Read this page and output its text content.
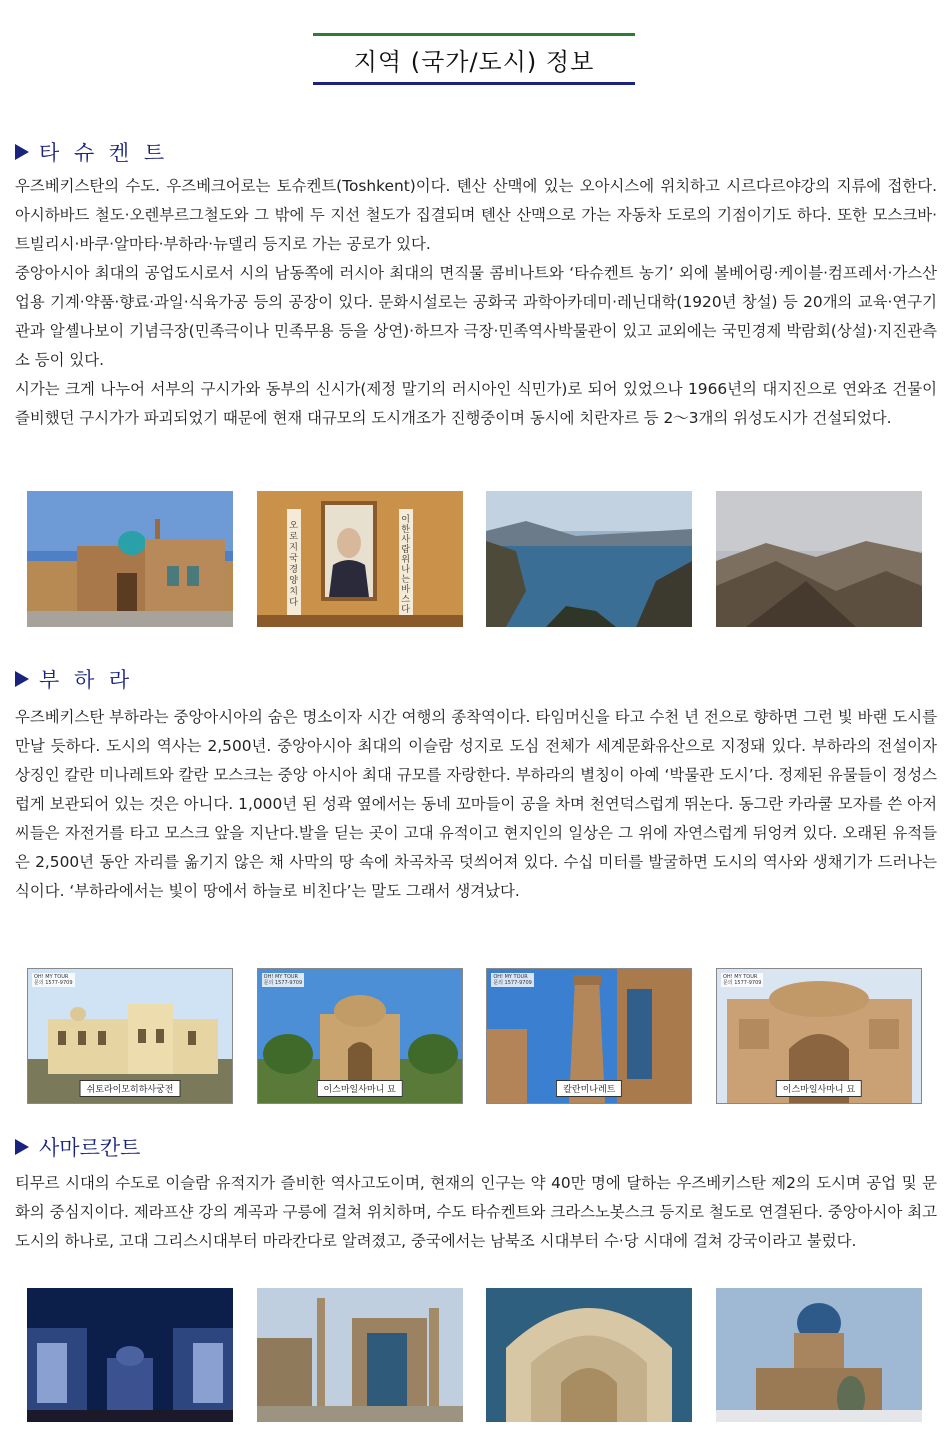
지역 (국가/도시) 정보
타 슈 켄 트

우즈베키스탄의 수도. 우즈베크어로는 토슈켄트(Toshkent)이다. 톈산 산맥에 있는 오아시스에 위치하고 시르다르야강의 지류에 접한다. 아시하바드 철도·오렌부르그철도와 그 밖에 두 지선 철도가 집결되며 톈산 산맥으로 가는 자동차 도로의 기점이기도 하다. 또한 모스크바·트빌리시·바쿠·알마타·부하라·뉴델리 등지로 가는 공로가 있다.

중앙아시아 최대의 공업도시로서 시의 남동쪽에 러시아 최대의 면직물 콤비나트와 ‘타슈켄트 농기’ 외에 볼베어링·케이블·컴프레서·가스산업용 기계·약품·향료·과일·식육가공 등의 공장이 있다. 문화시설로는 공화국 과학아카데미·레닌대학(1920년 창설) 등 20개의 교육·연구기관과 알셸나보이 기념극장(민족극이나 민족무용 등을 상연)·하므자 극장·민족역사박물관이 있고 교외에는 국민경제 박람회(상설)·지진관측소 등이 있다.

시가는 크게 나누어 서부의 구시가와 동부의 신시가(제정 말기의 러시아인 식민가)로 되어 있었으나 1966년의 대지진으로 연와조 건물이 즐비했던 구시가가 파괴되었기 때문에 현재 대규모의 도시개조가 진행중이며 동시에 치란자르 등 2～3개의 위성도시가 건설되었다.

오로지 국경 양치다
이 한 사람 위 나는 바스다
부 하 라

우즈베키스탄 부하라는 중앙아시아의 숨은 명소이자 시간 여행의 종착역이다. 타임머신을 타고 수천 년 전으로 향하면 그런 빛 바랜 도시를 만날 듯하다. 도시의 역사는 2,500년. 중앙아시아 최대의 이슬람 성지로 도심 전체가 세계문화유산으로 지정돼 있다. 부하라의 전설이자 상징인 칼란 미나레트와 칼란 모스크는 중앙 아시아 최대 규모를 자랑한다. 부하라의 별칭이 아예 ‘박물관 도시’다. 정제된 유물들이 정성스럽게 보관되어 있는 것은 아니다. 1,000년 된 성곽 옆에서는 동네 꼬마들이 공을 차며 천연덕스럽게 뛰논다. 동그란 카라쿨 모자를 쓴 아저씨들은 자전거를 타고 모스크 앞을 지난다.발을 딛는 곳이 고대 유적이고 현지인의 일상은 그 위에 자연스럽게 뒤엉켜 있다. 오래된 유적들은 2,500년 동안 자리를 옮기지 않은 채 사막의 땅 속에 차곡차곡 덧씌어져 있다. 수십 미터를 발굴하면 도시의 역사와 생채기가 드러나는 식이다. ‘부하라에서는 빛이 땅에서 하늘로 비친다’는 말도 그래서 생겨났다.

OH! MY TOUR
문의 1577-9709
쉬토라이모히하사궁전
OH! MY TOUR
문의 1577-9709
이스마일사마니 묘
OH! MY TOUR
문의 1577-9709
칼란미나레트
OH! MY TOUR
문의 1577-9709
이스마일사마니 묘
사마르칸트

티무르 시대의 수도로 이슬람 유적지가 즐비한 역사고도이며, 현재의 인구는 약 40만 명에 달하는 우즈베키스탄 제2의 도시며 공업 및 문화의 중심지이다. 제라프샨 강의 계곡과 구릉에 걸쳐 위치하며, 수도 타슈켄트와 크라스노봇스크 등지로 철도로 연결된다. 중앙아시아 최고 도시의 하나로, 고대 그리스시대부터 마라칸다로 알려졌고, 중국에서는 남북조 시대부터 수·당 시대에 걸쳐 강국이라고 불렀다.
